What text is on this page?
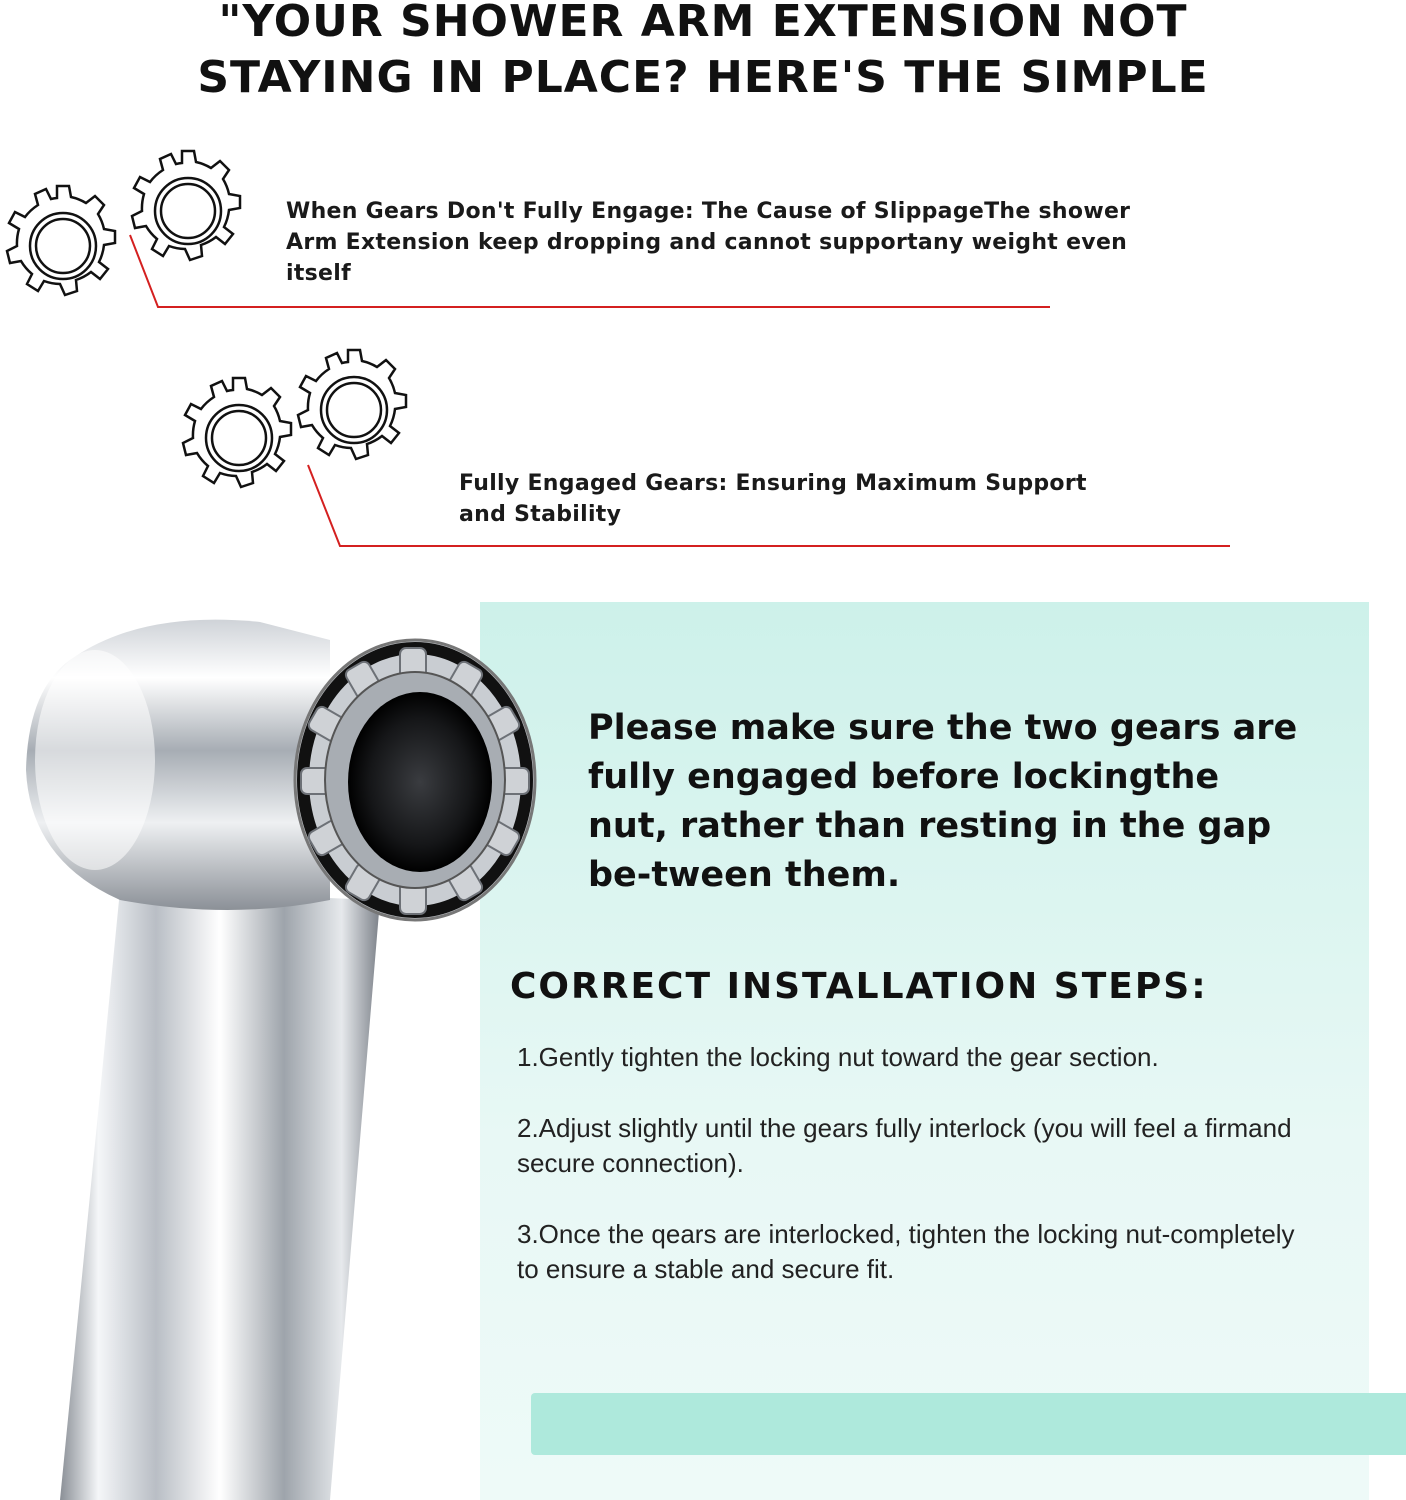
"YOUR SHOWER ARM EXTENSION NOT
STAYING IN PLACE? HERE'S THE SIMPLE
When Gears Don't Fully Engage: The Cause of SlippageThe shower Arm Extension keep dropping and cannot supportany weight even itself
Fully Engaged Gears: Ensuring Maximum Support and Stability
Please make sure the two gears are fully engaged before lockingthe nut, rather than resting in the gap be-tween them.
CORRECT INSTALLATION STEPS:
1.Gently tighten the locking nut toward the gear section.
2.Adjust slightly until the gears fully interlock (you will feel a firmand secure connection).
3.Once the qears are interlocked, tighten the locking nut-completely to ensure a stable and secure fit.
